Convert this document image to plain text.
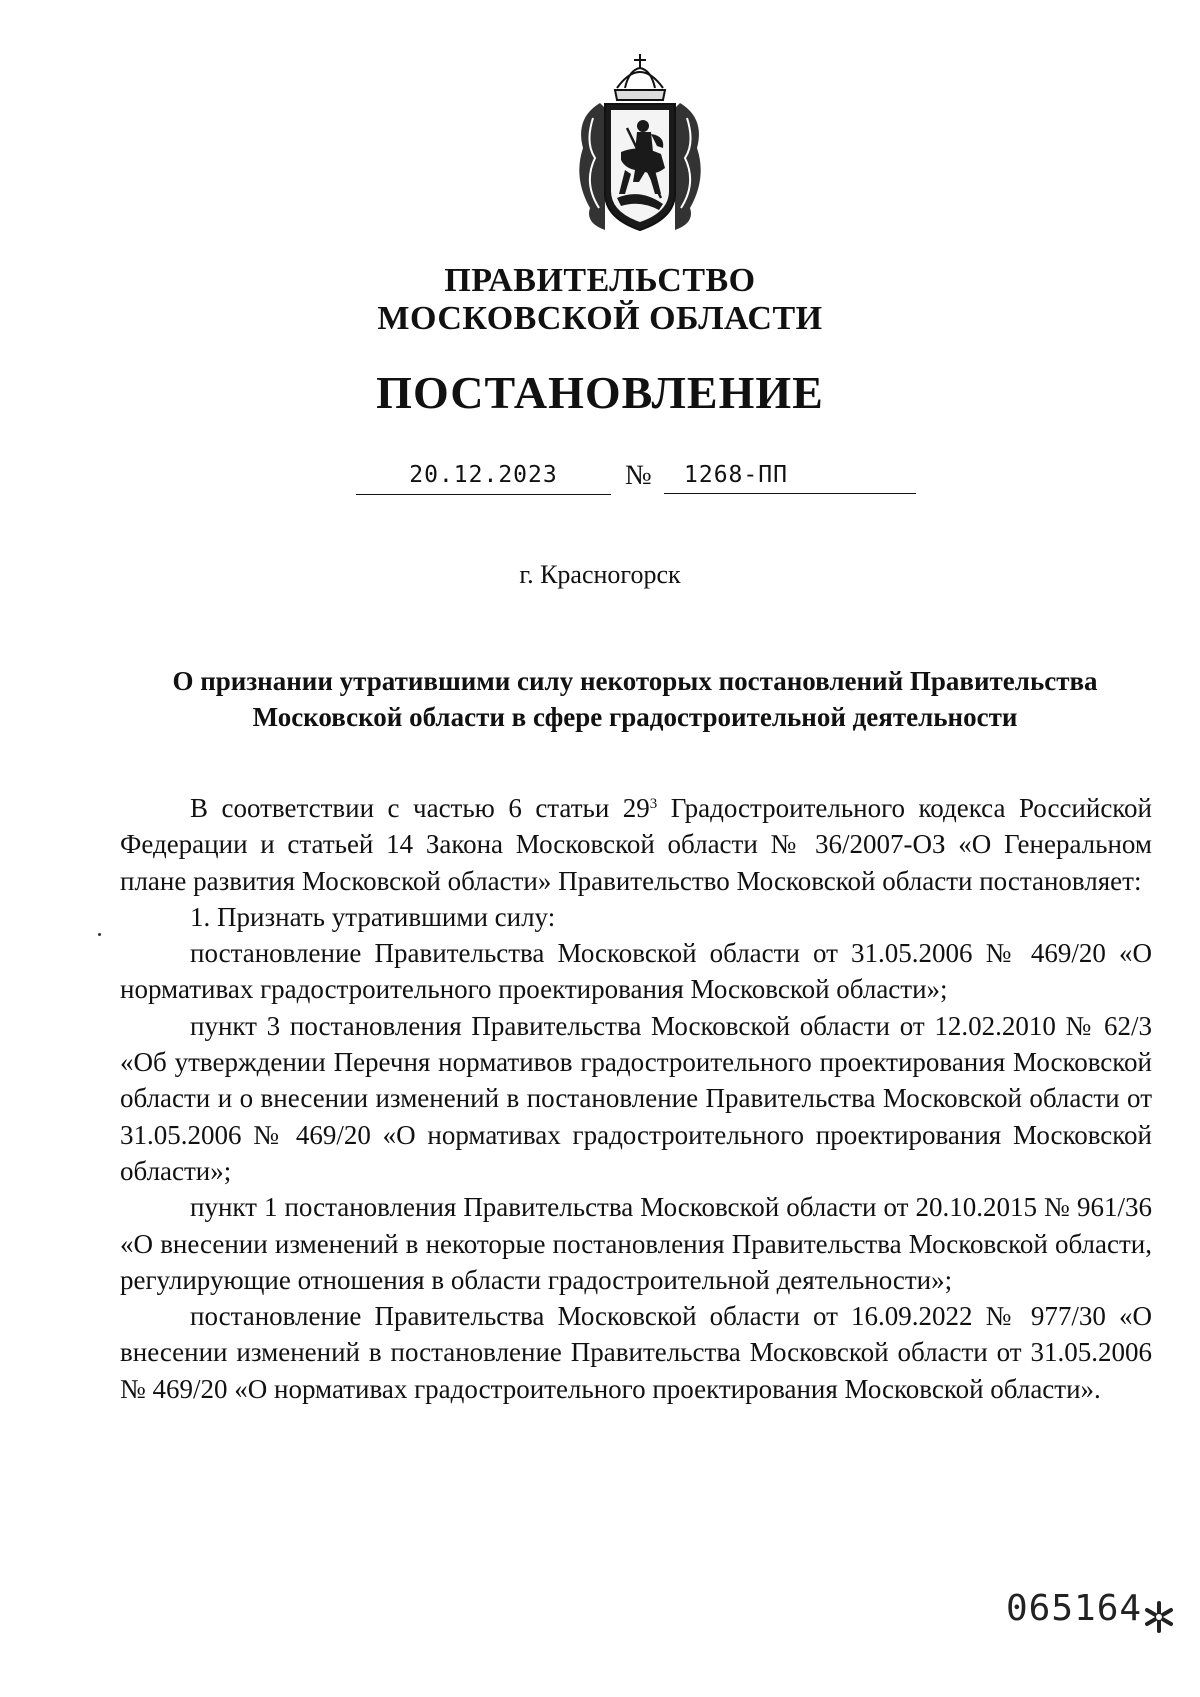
ПРАВИТЕЛЬСТВО
МОСКОВСКОЙ ОБЛАСТИ
ПОСТАНОВЛЕНИЕ
20.12.2023	№	1268-ПП
г. Красногорск
О признании утратившими силу некоторых постановлений Правительства Московской области в сфере градостроительной деятельности

В соответствии с частью 6 статьи $29^3$ Градостроительного кодекса Российской Федерации и статьей 14 Закона Московской области № 36/2007-ОЗ «О Генеральном плане развития Московской области» Правительство Московской области постановляет:

1. Признать утратившими силу:

постановление Правительства Московской области от 31.05.2006 № 469/20 «О нормативах градостроительного проектирования Московской области»;

пункт 3 постановления Правительства Московской области от 12.02.2010 № 62/3 «Об утверждении Перечня нормативов градостроительного проектирования Московской области и о внесении изменений в постановление Правительства Московской области от 31.05.2006 № 469/20 «О нормативах градостроительного проектирования Московской области»;

пункт 1 постановления Правительства Московской области от 20.10.2015 № 961/36 «О внесении изменений в некоторые постановления Правительства Московской области, регулирующие отношения в области градостроительной деятельности»;

постановление Правительства Московской области от 16.09.2022 № 977/30 «О внесении изменений в постановление Правительства Московской области от 31.05.2006 № 469/20 «О нормативах градостроительного проектирования Московской области».

065164
